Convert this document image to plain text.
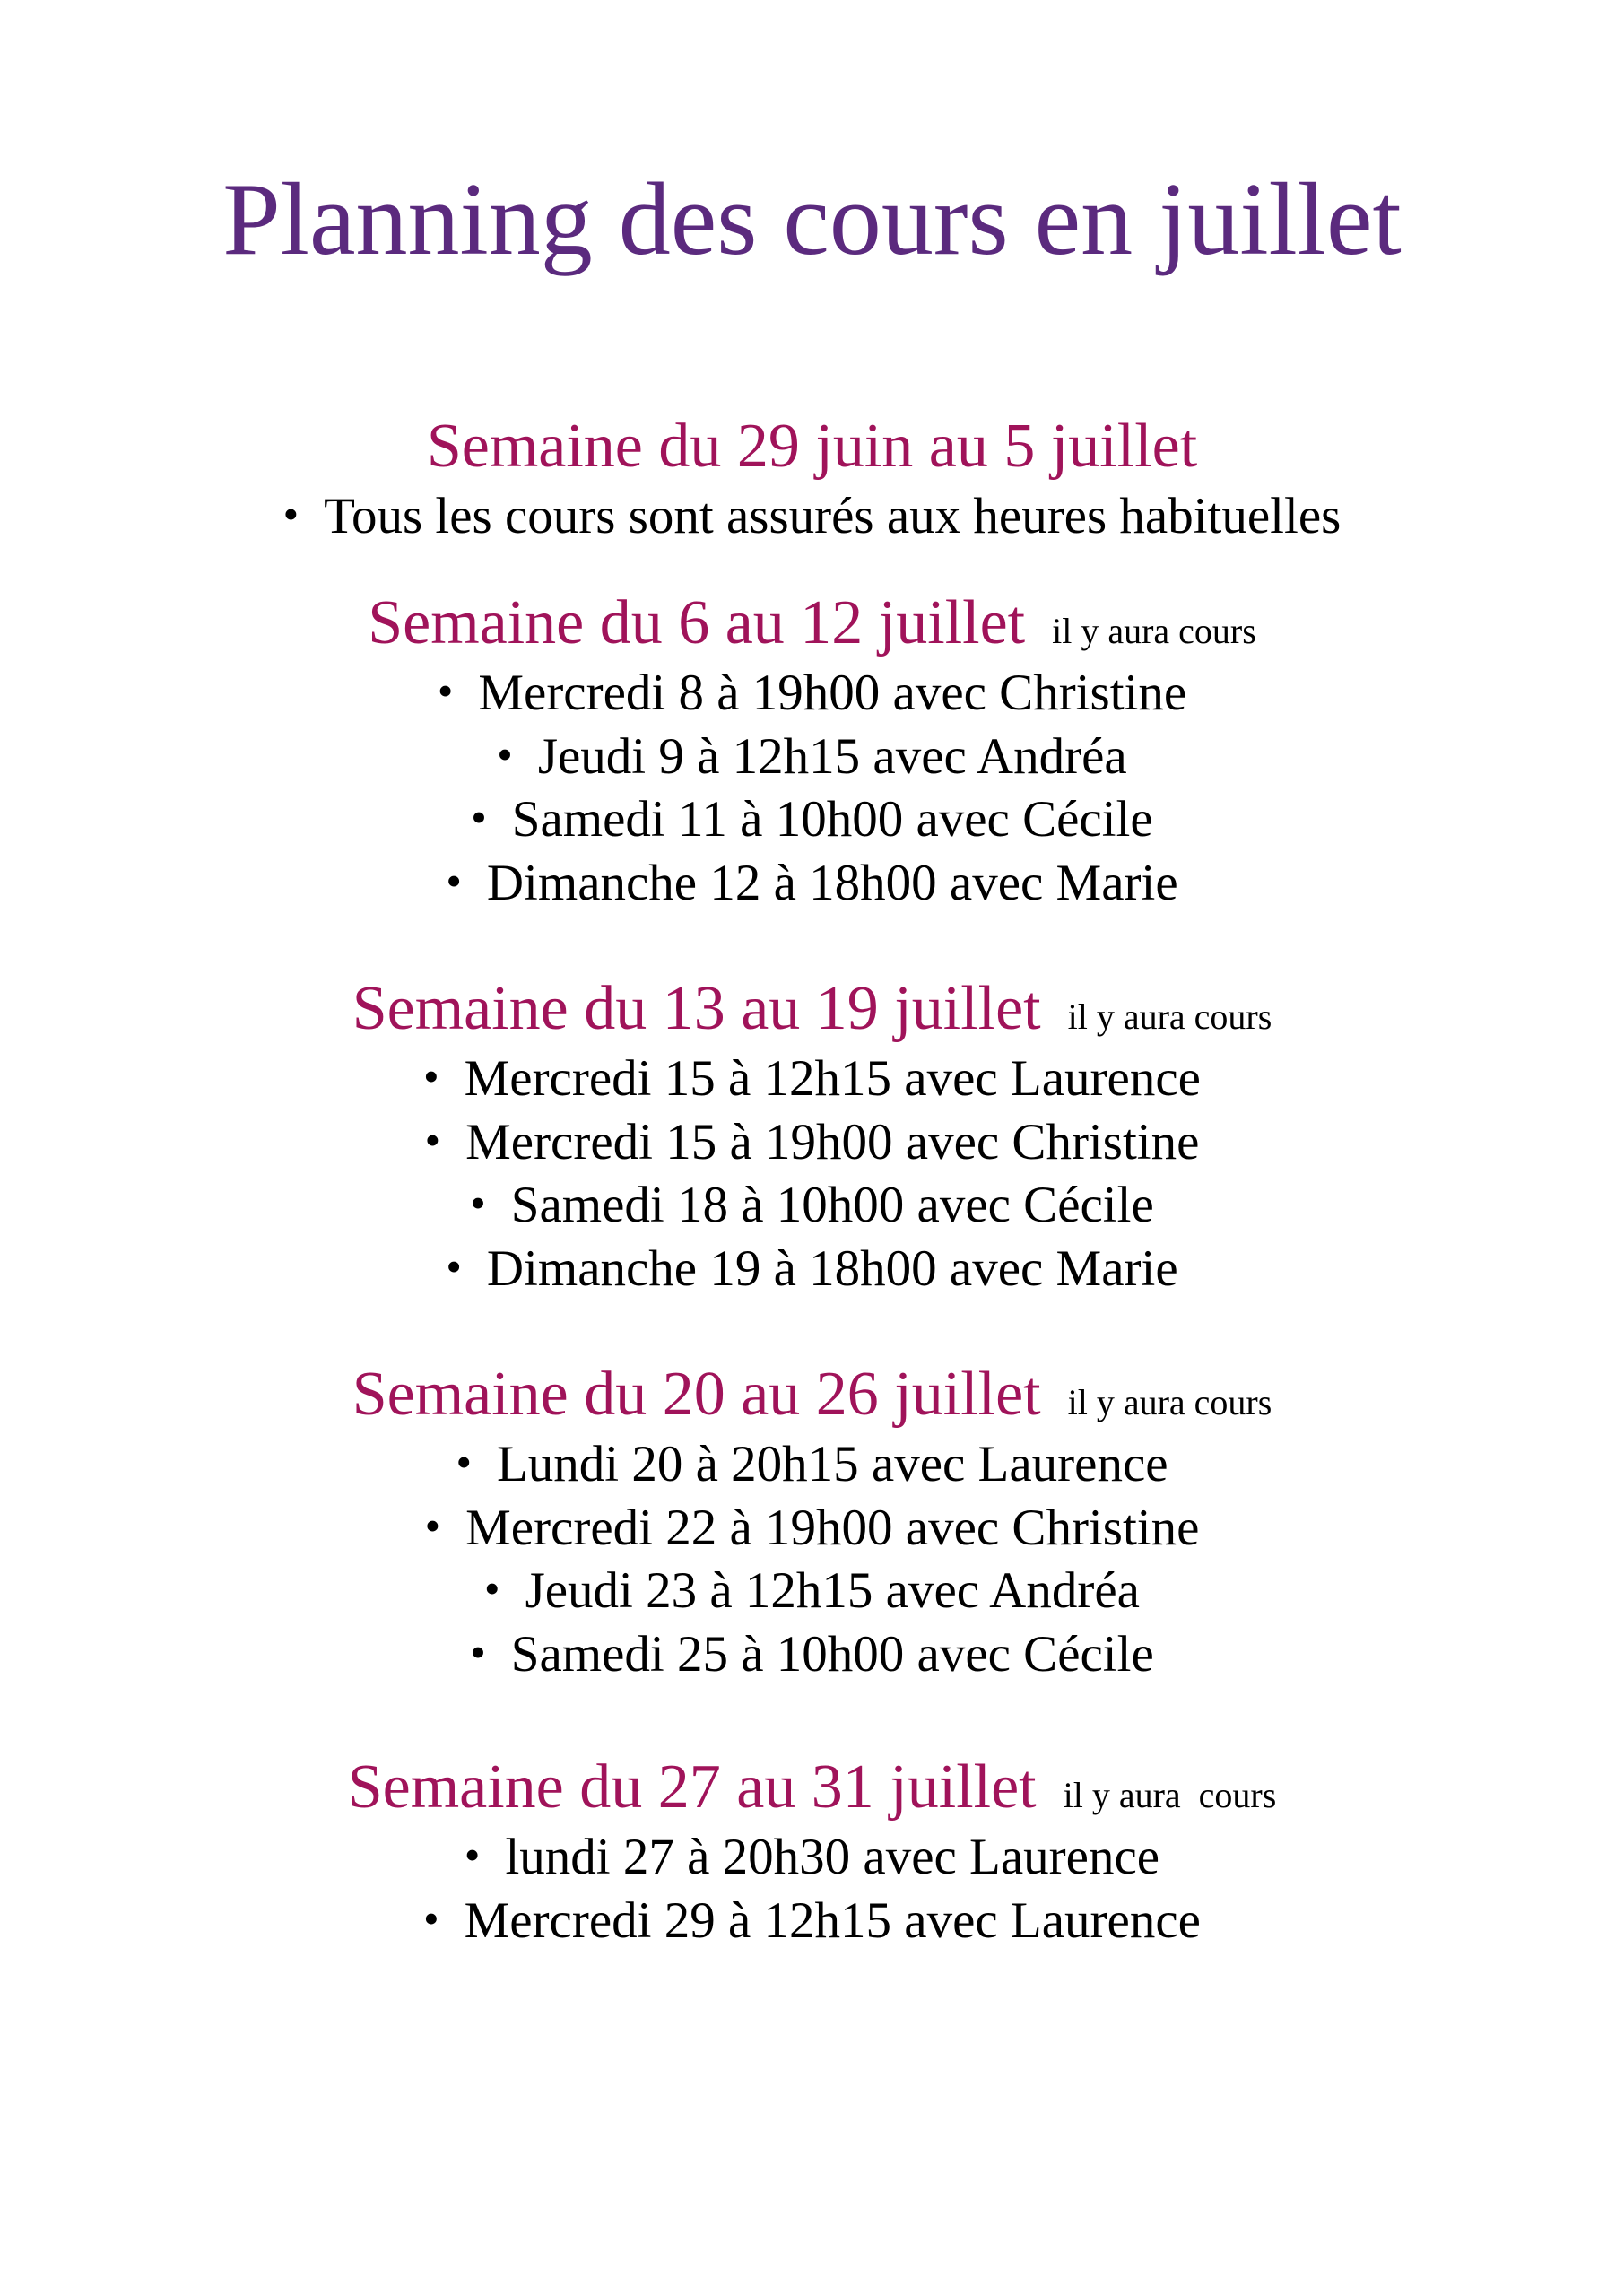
Planning des cours en juillet
Semaine du 29 juin au 5 juillet
• Tous les cours sont assurés aux heures habituelles
Semaine du 6 au 12 juillet il y aura cours
• Mercredi 8 à 19h00 avec Christine
• Jeudi 9 à 12h15 avec Andréa
• Samedi 11 à 10h00 avec Cécile
• Dimanche 12 à 18h00 avec Marie
Semaine du 13 au 19 juillet il y aura cours
• Mercredi 15 à 12h15 avec Laurence
• Mercredi 15 à 19h00 avec Christine
• Samedi 18 à 10h00 avec Cécile
• Dimanche 19 à 18h00 avec Marie
Semaine du 20 au 26 juillet il y aura cours
• Lundi 20 à 20h15 avec Laurence
• Mercredi 22 à 19h00 avec Christine
• Jeudi 23 à 12h15 avec Andréa
• Samedi 25 à 10h00 avec Cécile
Semaine du 27 au 31 juillet il y aura  cours
• lundi 27 à 20h30 avec Laurence
• Mercredi 29 à 12h15 avec Laurence
